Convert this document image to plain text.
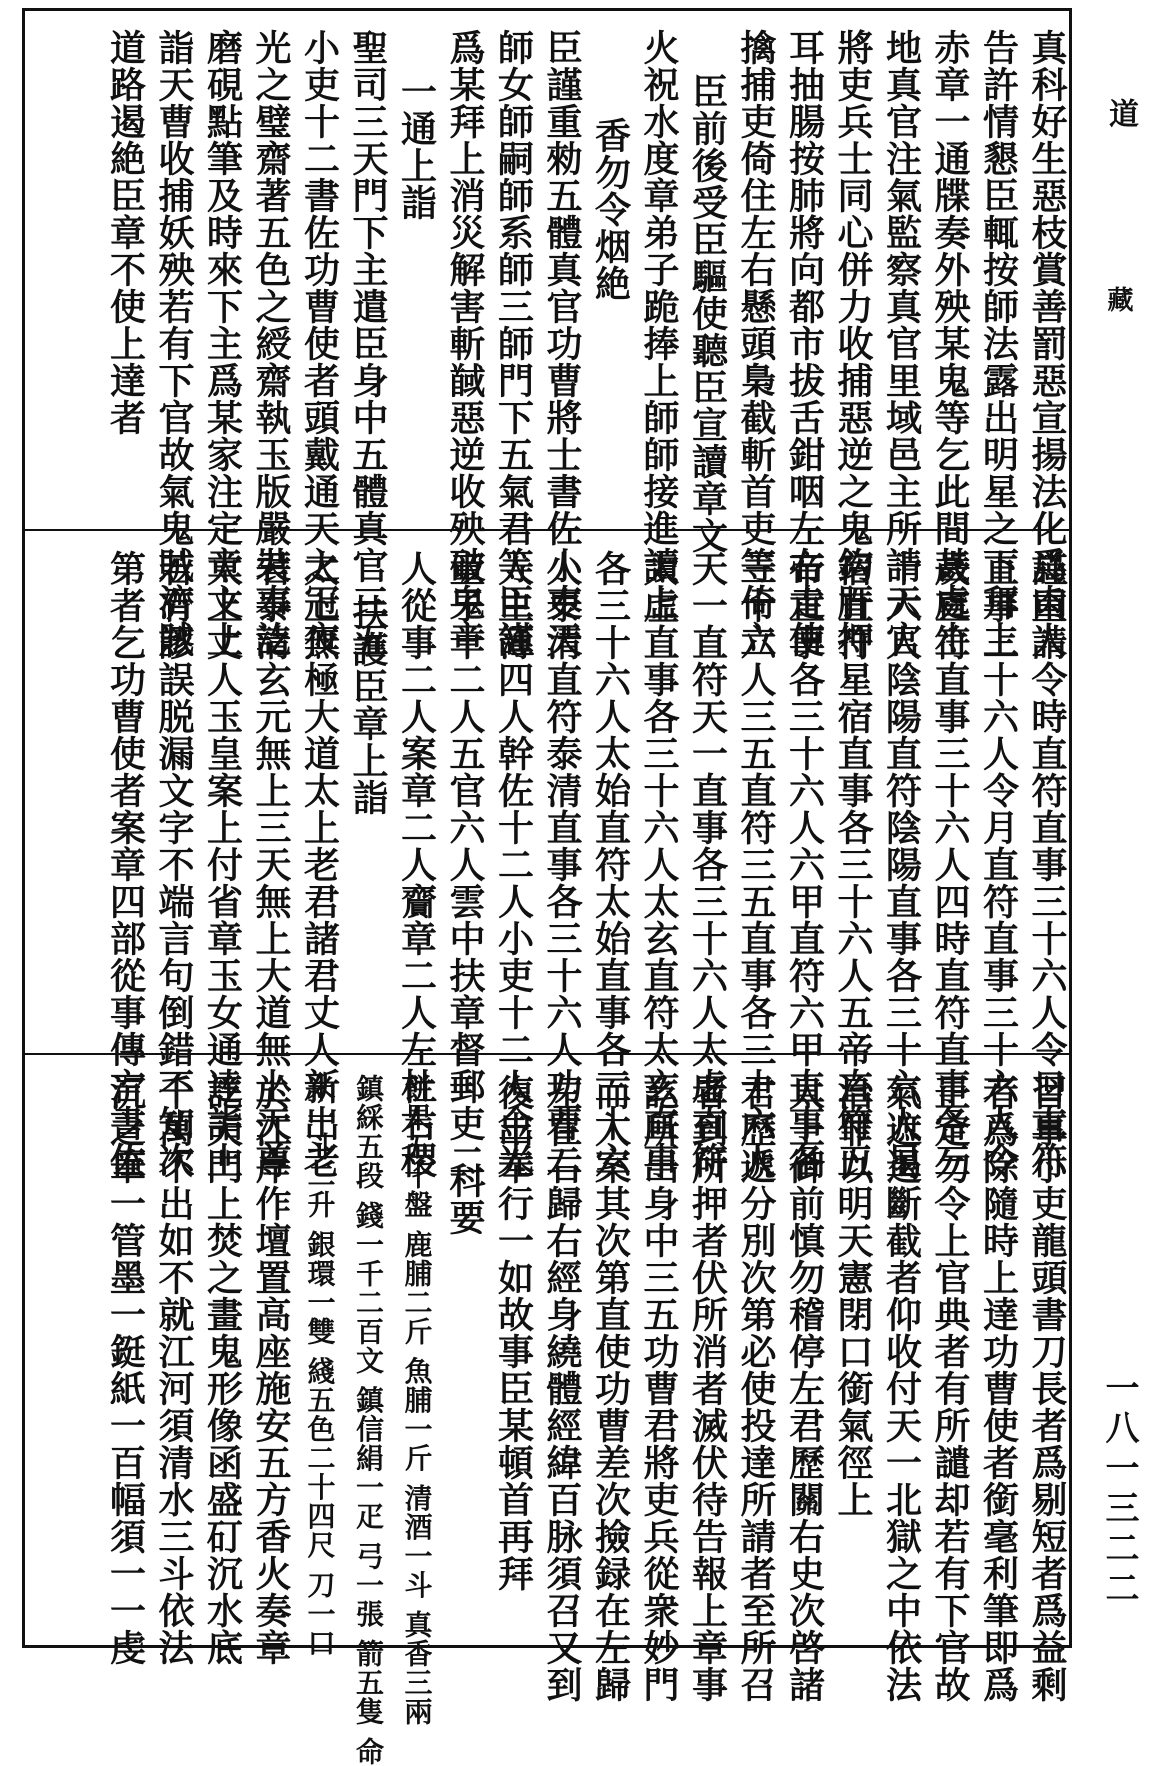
真科好生惡枝賞善罰惡宣揚法化爲肉人
告許情懇臣輒按師法露出明星之下拜上
赤章一通牒奏外殃某鬼等乞此間甚處土
地真官注氣監察真官里域邑主所請天官
將吏兵士同心併力收捕惡逆之鬼鈎肝押
耳抽腸按肺將向都市拔舌鉗咽左右走使
擒捕吏倚住左右懸頭梟截斬首吏等倚立
臣前後受臣驅使聽臣宣讀章文
火祝水度章弟子跪捧上師師接進讀上
香勿令烟絶
臣謹重勑五體真官功曹將士書佐小吏天
師女師嗣師系師三師門下五氣君等臣謹
爲某拜上消災解害斬馘惡逆收殃破鬼章
一通上詣
聖司三天門下主遣臣身中五體真官三五
小吏十二書佐功曹使者頭戴通天之冠夜
光之璧齋著五色之綬齋執玉版嚴裝事訖
磨硯點筆及時來下主爲某家注定章文上
詣天曹收捕妖殃若有下官故氣鬼賊濟賊
道路遏絶臣章不使上達者
謹重請令時直符直事三十六人令日直符
直事三十六人令月直符直事三十六人令
歲直符直事三十六人四時直符直事各三
十六人陰陽直符陰陽直事各三十六人星
宿直符星宿直事各三十六人五帝直符五
帝直事各三十六人六甲直符六甲直事各
三十六人三五直符三五直事各三十六人
天一直符天一直事各三十六人太虛直符
太虛直事各三十六人太玄直符太玄直事
各三十六人太始直符太始直事各三十六
人泰清直符泰清直事各三十六人功曹二
人主簿四人幹佐十二人小吏十二人金光
童子十二人五官六人雲中扶章督郵吏二
人從事二人案章二人齎章二人左杜右稷
扶護臣章上詣
太上無極大道太上老君諸君丈人新出老
君泰清玄元無上三天無上大道無上天尊
太上丈人玉皇案上付省章玉女通達詣上
若有謬誤脱漏文字不端言句倒錯不知次
第者乞功曹使者案章四部從事傳言書佐
習事小吏龍頭書刀長者爲剔短者爲益剩
者爲除隨時上達功曹使者銜毫利筆即爲
正定勿令上官典者有所譴却若有下官故
氣遮遏斷截者仰收付天一北獄之中依法
治罪以明天憲閉口銜氣徑上
太上御前慎勿稽停左君歷關右史次啓諸
君歷遞分別次第必使投達所請者至所召
者到所押者伏所消者滅伏待告報上章事
訖所出身中三五功曹君將吏兵從衆妙門
而入案其次第直使功曹差次撿録在左歸
左在右歸右經身繞體經緯百脉須召又到
復出奉行一如故事臣某頓首再拜
科要
餅果五十盤 鹿脯二斤 魚脯一斤 清酒一斗 真香三兩
鎮綵五段 錢一千二百文 鎮信絹一疋 弓一張 箭五隻 命
米一斗二升 銀環一雙 綫五色二十四尺 刀一口
於江岸作壇置高座施安五方香火奏章
訖天門上焚之畫鬼形像函盛矴沉水底
千萬不出如不就江河須清水三斗依法
沉之筆一管墨一鋌紙一百幅須一一虔
道
藏
一八一三二二
